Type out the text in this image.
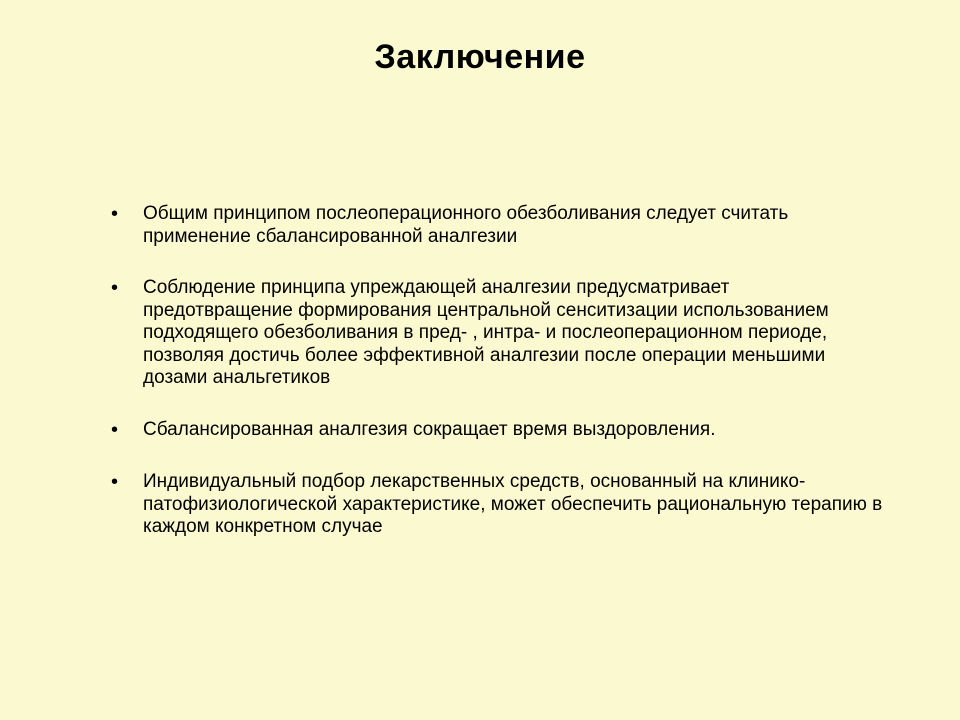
Заключение
•	Общим принципом послеоперационного обезболивания следует считать применение сбалансированной аналгезии
•	Соблюдение принципа упреждающей аналгезии предусматривает предотвращение формирования центральной сенситизации использованием подходящего обезболивания в пред- , интра- и послеоперационном периоде, позволяя достичь более эффективной аналгезии после операции меньшими дозами анальгетиков
•	Сбалансированная аналгезия сокращает время выздоровления.
•	Индивидуальный подбор лекарственных средств, основанный на клинико-патофизиологической характеристике, может обеспечить рациональную терапию в каждом конкретном случае
